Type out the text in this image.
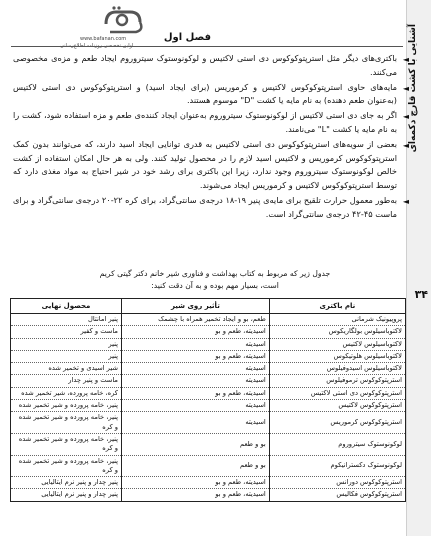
آشنایی با کشت قارچ دکمه‌ای
۳۴
www.bafanan.com	فصل اول

◄
باکتری‌های دیگر مثل استرپتوکوکوس دی استی لاکتیس و لوکونوستوک سیتروروم ایجاد طعم و مزه‌ی مخصوصی می‌کنند.

◄
مایه‌های حاوی استرپتوکوکوس لاکتیس و کرموریس (برای ایجاد اسید) و استرپتوکوکوس دی استی لاکتیس (به‌عنوان طعم دهنده) به نام مایه یا کشت "D" موسوم هستند.

◄
اگر به جای دی استی لاکتیس از لوکونوستوک سیتروروم به‌عنوان ایجاد کننده‌ی طعم و مزه استفاده شود، کشت را به نام مایه یا کشت "L" می‌نامند.

◄
بعضی از سویه‌های استرپتوکوکوس دی استی لاکتیس به قدری توانایی ایجاد اسید دارند، که می‌توانند بدون کمک استرپتوکوکوس کرموریس و لاکتیس اسید لازم را در محصول تولید کنند. ولی به هر حال امکان استفاده از کشت خالص لوکونوستوک سیتروروم وجود ندارد، زیرا این باکتری برای رشد خود در شیر احتیاج به مواد مغذی دارد که توسط استرپتوکوکوس لاکتیس و کرموریس ایجاد می‌شوند.

◄
به‌طور معمول حرارت تلقیح برای مایه‌ی پنیر ۱۹-۱۸ درجه‌ی سانتی‌گراد، برای کره ۲۲-۲۰ درجه‌ی سانتی‌گراد و برای ماست ۴۵-۴۲ درجه‌ی سانتی‌گراد است.

جدول زیر که مربوط به کتاب بهداشت و فناوری شیر خانم دکتر گیتی کریم
است، بسیار مهم بوده و به آن دقت کنید:
نام باکتری	تأثیر روی شیر	محصول نهایی
پروپیونیک شرمانی	طعم، بو و ایجاد تخمیر همراه با چشمک	پنیر امانتال
لاکتوباسیلوس بولگاریکوس	اسیدیته، طعم و بو	ماست و کفیر
لاکتوباسیلوس لاکتیس	اسیدیته	پنیر
لاکتوباسیلوس هلوتیکوس	اسیدیته، طعم و بو	پنیر
لاکتوباسیلوس اسیدوفیلوس	اسیدیته	شیر اسیدی و تخمیر شده
استرپتوکوکوس ترموفیلوس	اسیدیته	ماست و پنیر چدار
استرپتوکوکوس دی استی لاکتیس	اسیدیته، طعم و بو	کره، خامه پرورده، شیر تخمیر شده
استرپتوکوکوس لاکتیس	اسیدیته	پنیر، خامه پرورده و شیر تخمیر شده
استرپتوکوکوس کرموریس	اسیدیته	پنیر، خامه پرورده و شیر تخمیر شده و کره
لوکونوستوک سیتروروم	بو و طعم	پنیر، خامه پرورده و شیر تخمیر شده و کره
لوکونوستوک دکسترانیکوم	بو و طعم	پنیر، خامه پرورده و شیر تخمیر شده و کره
استرپتوکوکوس دورانس	اسیدیته، طعم و بو	پنیر چدار و پنیر نرم ایتالیایی
استرپتوکوکوس فکالیس	اسیدیته، طعم و بو	پنیر چدار و پنیر نرم ایتالیایی
